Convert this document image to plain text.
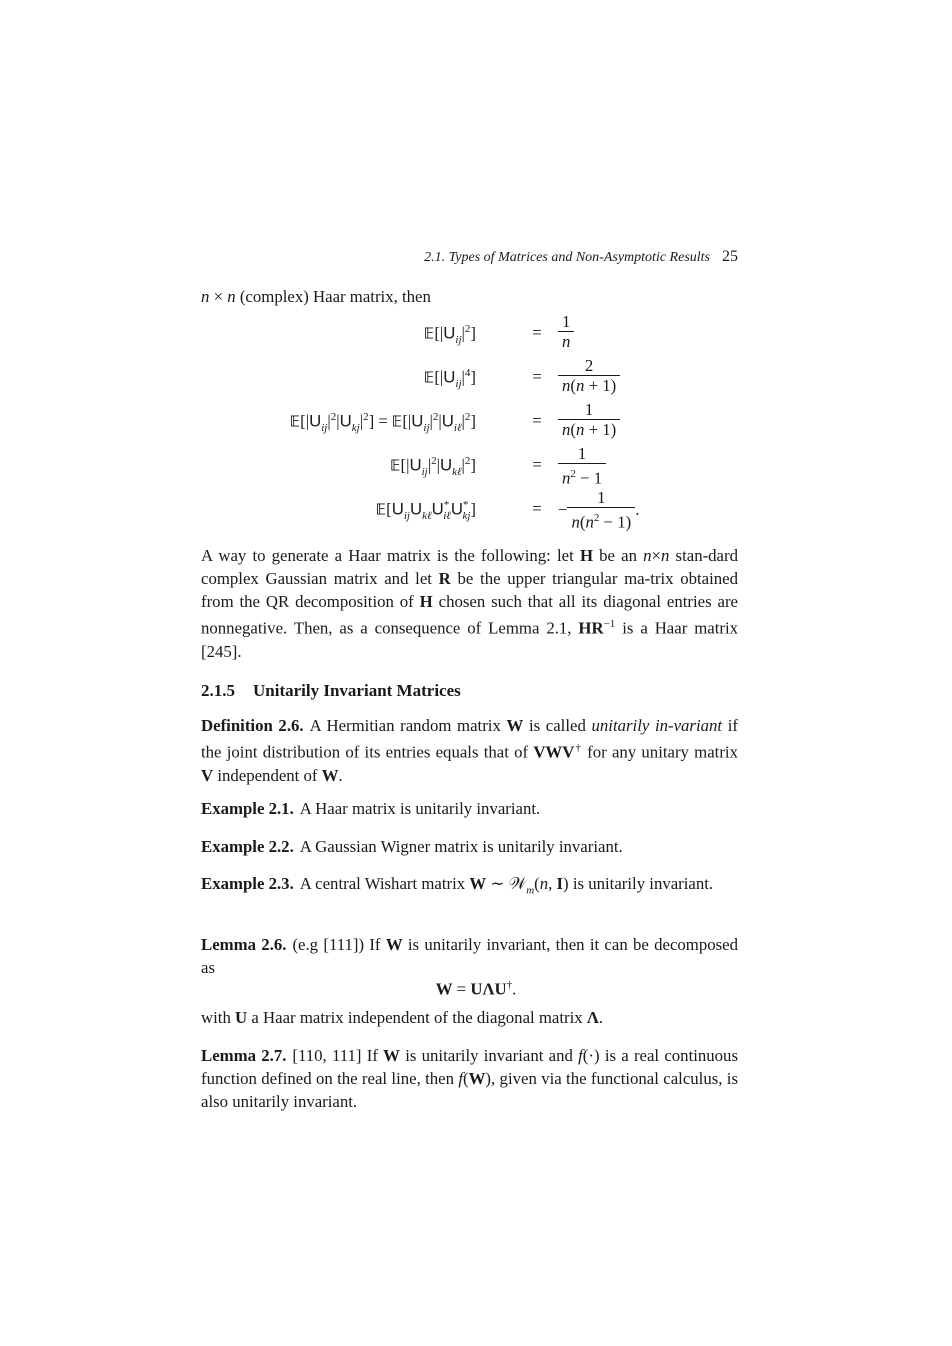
2.1. Types of Matrices and Non-Asymptotic Results 25
n × n (complex) Haar matrix, then
$𝔼[|U_{ij}|^2]$	= $\frac{1}{n}$
$𝔼[|U_{ij}|^4]$	= $\frac{2}{n(n + 1)}$
$𝔼[|U_{ij}|^2|U_{kj}|^2]$ = $𝔼[|U_{ij}|^2|U_{i\ell}|^2]$	= $\frac{1}{n(n + 1)}$
$𝔼[|U_{ij}|^2|U_{k\ell}|^2]$	= $\frac{1}{n^2 - 1}$
$𝔼[U_{ij}U_{k\ell}U^*_{i\ell}U^*_{kj}]$	= − $\frac{1}{n(n^2 - 1)}$ .
A way to generate a Haar matrix is the following: let H be an n×n stan-dard complex Gaussian matrix and let R be the upper triangular ma-trix obtained from the QR decomposition of H chosen such that all its diagonal entries are nonnegative. Then, as a consequence of Lemma 2.1, $HR^{-1}$ is a Haar matrix [245].
2.1.5 Unitarily Invariant Matrices
Definition 2.6. A Hermitian random matrix W is called unitarily in-variant if the joint distribution of its entries equals that of VWV† for any unitary matrix V independent of W.
Example 2.1. A Haar matrix is unitarily invariant.
Example 2.2. A Gaussian Wigner matrix is unitarily invariant.
Example 2.3. A central Wishart matrix W ∼ 𝒲$_m$(n, I) is unitarily invariant.
Lemma 2.6. (e.g [111]) If W is unitarily invariant, then it can be decomposed as
W = UΛU†.
with U a Haar matrix independent of the diagonal matrix Λ.
Lemma 2.7. [110, 111] If W is unitarily invariant and f(·) is a real continuous function defined on the real line, then f(W), given via the functional calculus, is also unitarily invariant.
